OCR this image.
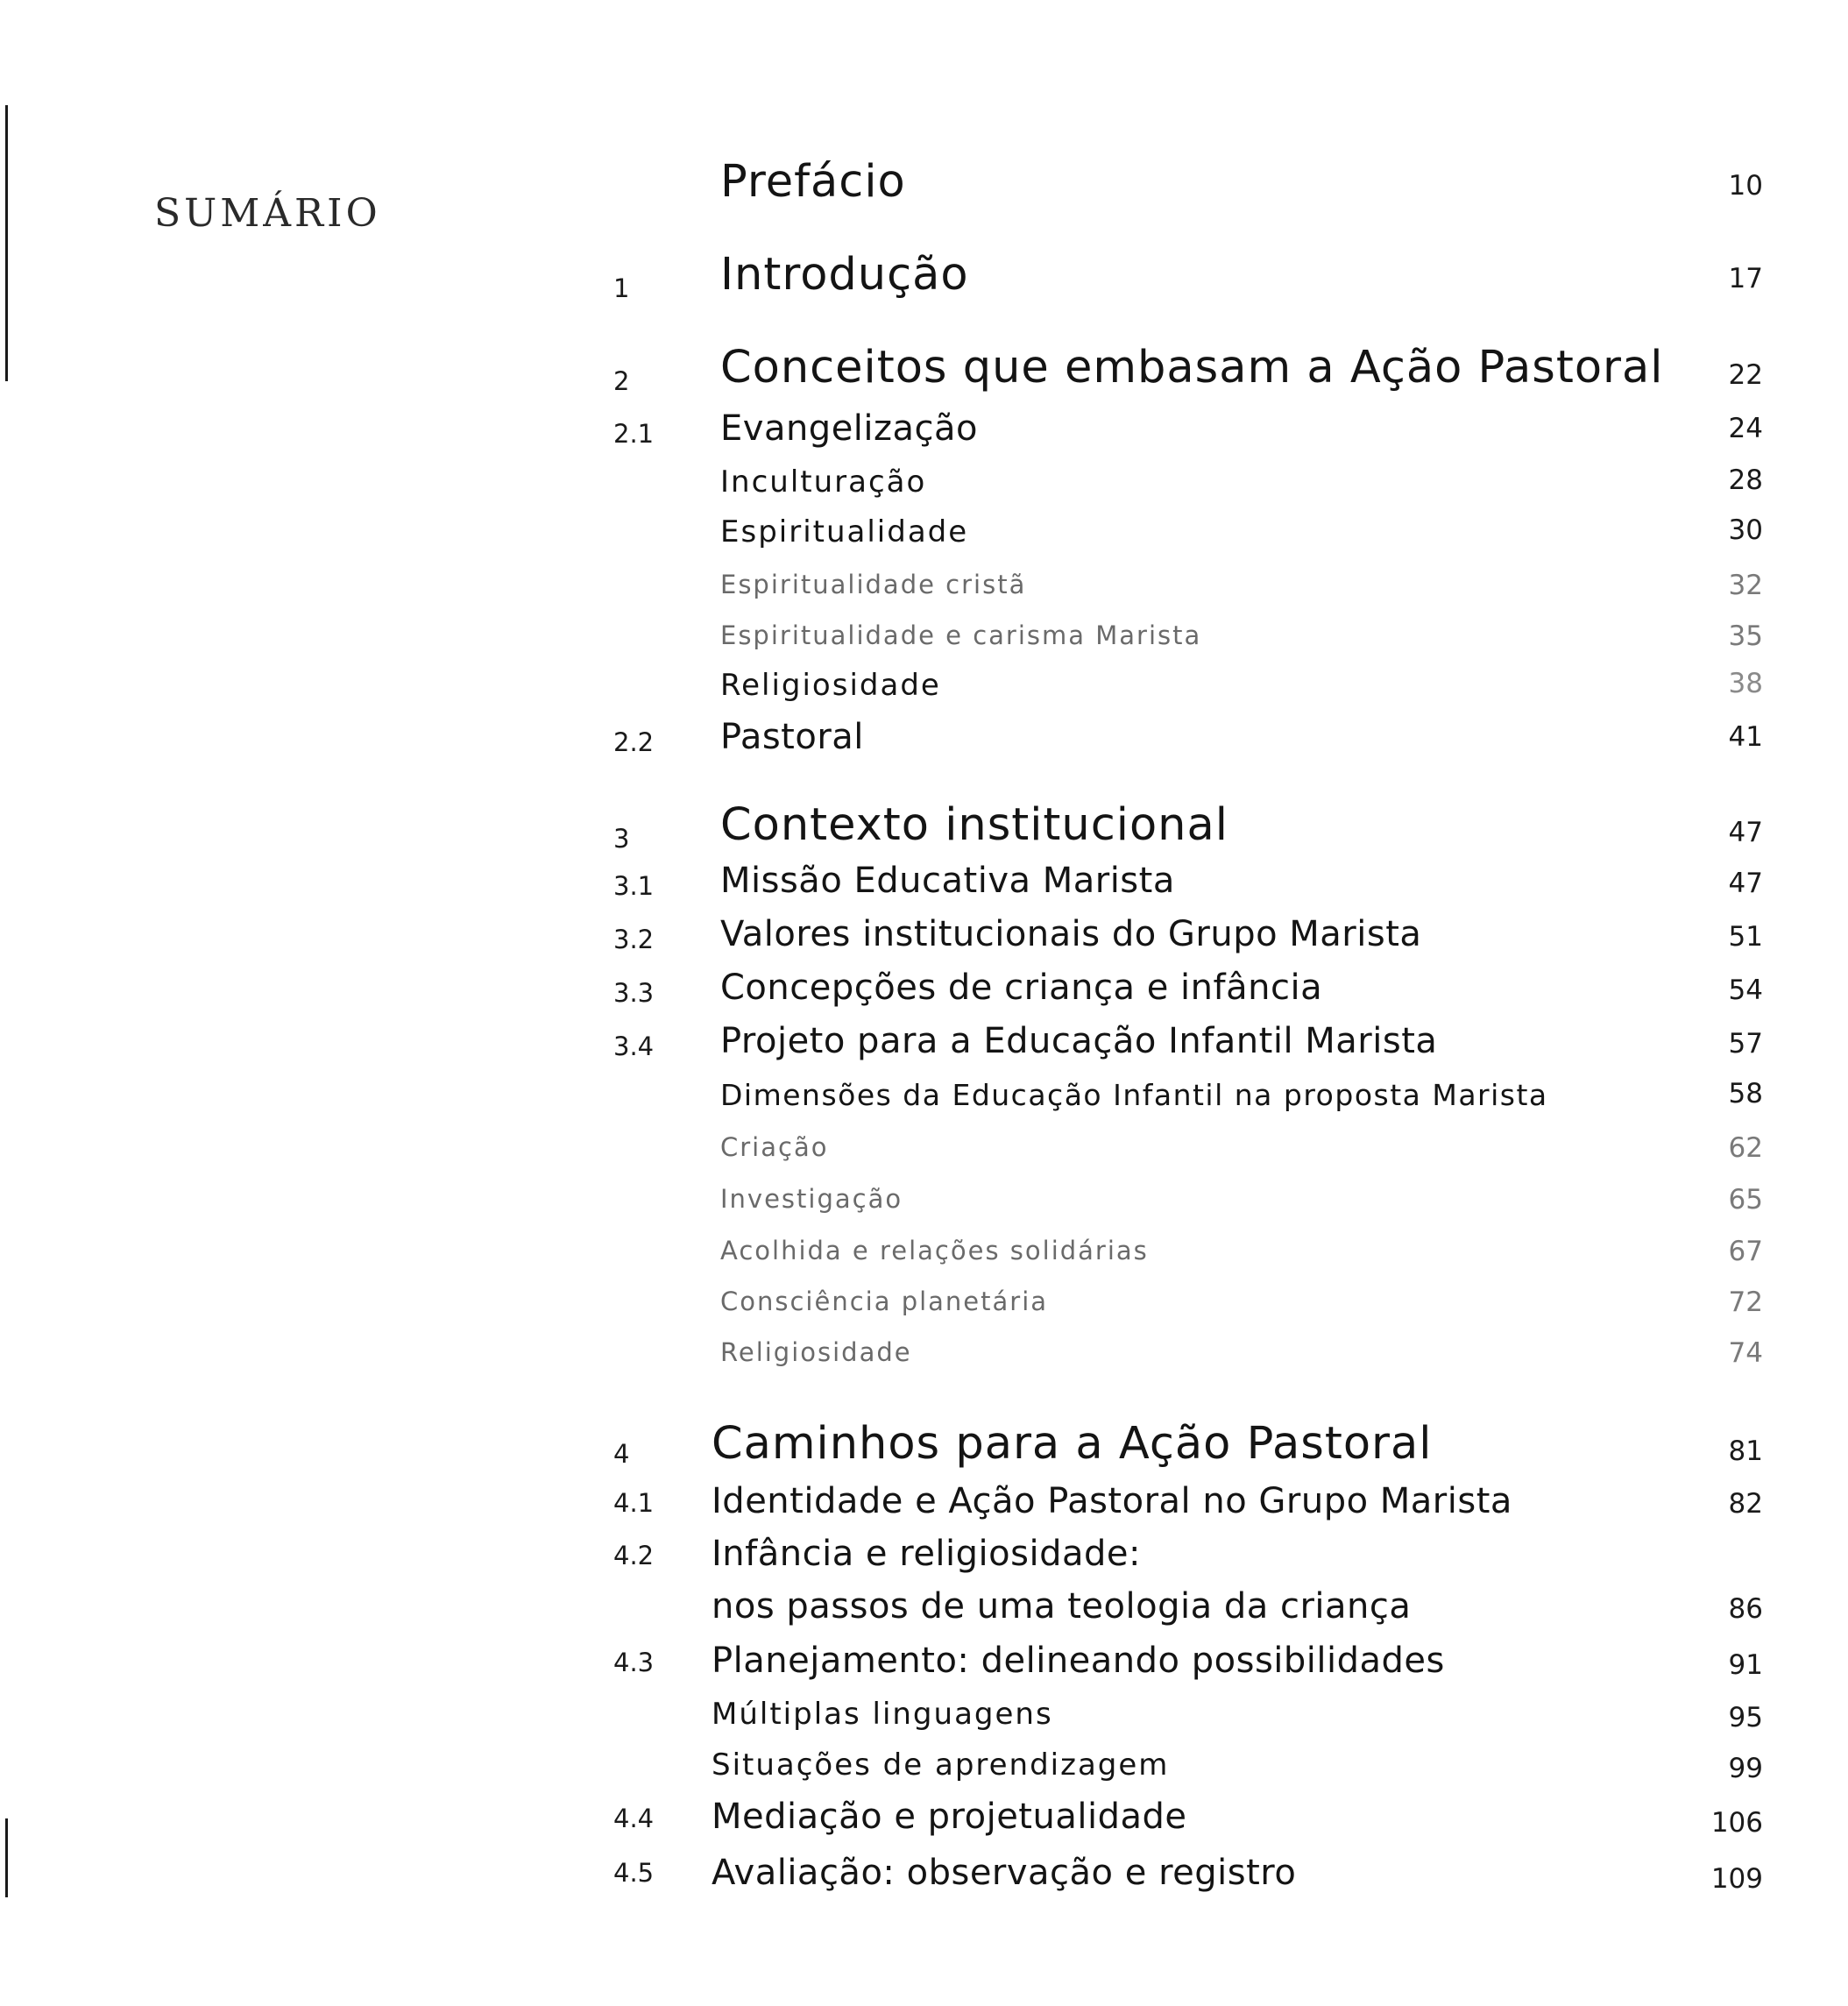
SUMÁRIO
Prefácio	10
1	Introdução	17
2	Conceitos que embasam a Ação Pastoral	22
2.1	Evangelização	24
Inculturação	28
Espiritualidade	30
Espiritualidade cristã	32
Espiritualidade e carisma Marista	35
Religiosidade	38
2.2	Pastoral	41
3	Contexto institucional	47
3.1	Missão Educativa Marista	47
3.2	Valores institucionais do Grupo Marista	51
3.3	Concepções de criança e infância	54
3.4	Projeto para a Educação Infantil Marista	57
Dimensões da Educação Infantil na proposta Marista	58
Criação	62
Investigação	65
Acolhida e relações solidárias	67
Consciência planetária	72
Religiosidade	74
4	Caminhos para a Ação Pastoral	81
4.1	Identidade e Ação Pastoral no Grupo Marista	82
4.2	Infância e religiosidade:
nos passos de uma teologia da criança	86
4.3	Planejamento: delineando possibilidades	91
Múltiplas linguagens	95
Situações de aprendizagem	99
4.4	Mediação e projetualidade	106
4.5	Avaliação: observação e registro	109
